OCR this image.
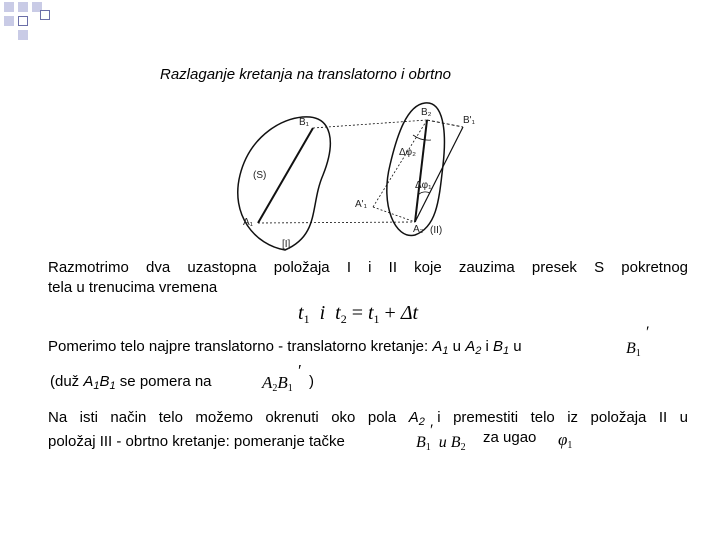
Razlaganje kretanja na translatorno i obrtno
B₁
A₁
(S)
[I]
B₂
B'₁
A'₁
A₂ (II)
Δφ₂
Δφ₁
Razmotrimo dva uzastopna položaja I i II koje zauzima presek S pokretnog
tela u trenucima vremena
$t_1$ i $t_2 = t_1 + \Delta t$
Pomerimo telo najpre translatorno - translatorno kretanje: $A_1$ u $A_2$ i $B_1$ u	B1
′
(duž $A_1B_1$ se pomera na	A2B1
′
)
Na isti način telo možemo okrenuti oko pola $A_2$ i premestiti telo iz položaja II u
položaj III - obrtno kretanje: pomeranje tačke	B1
′
u B2
za ugao φ1
